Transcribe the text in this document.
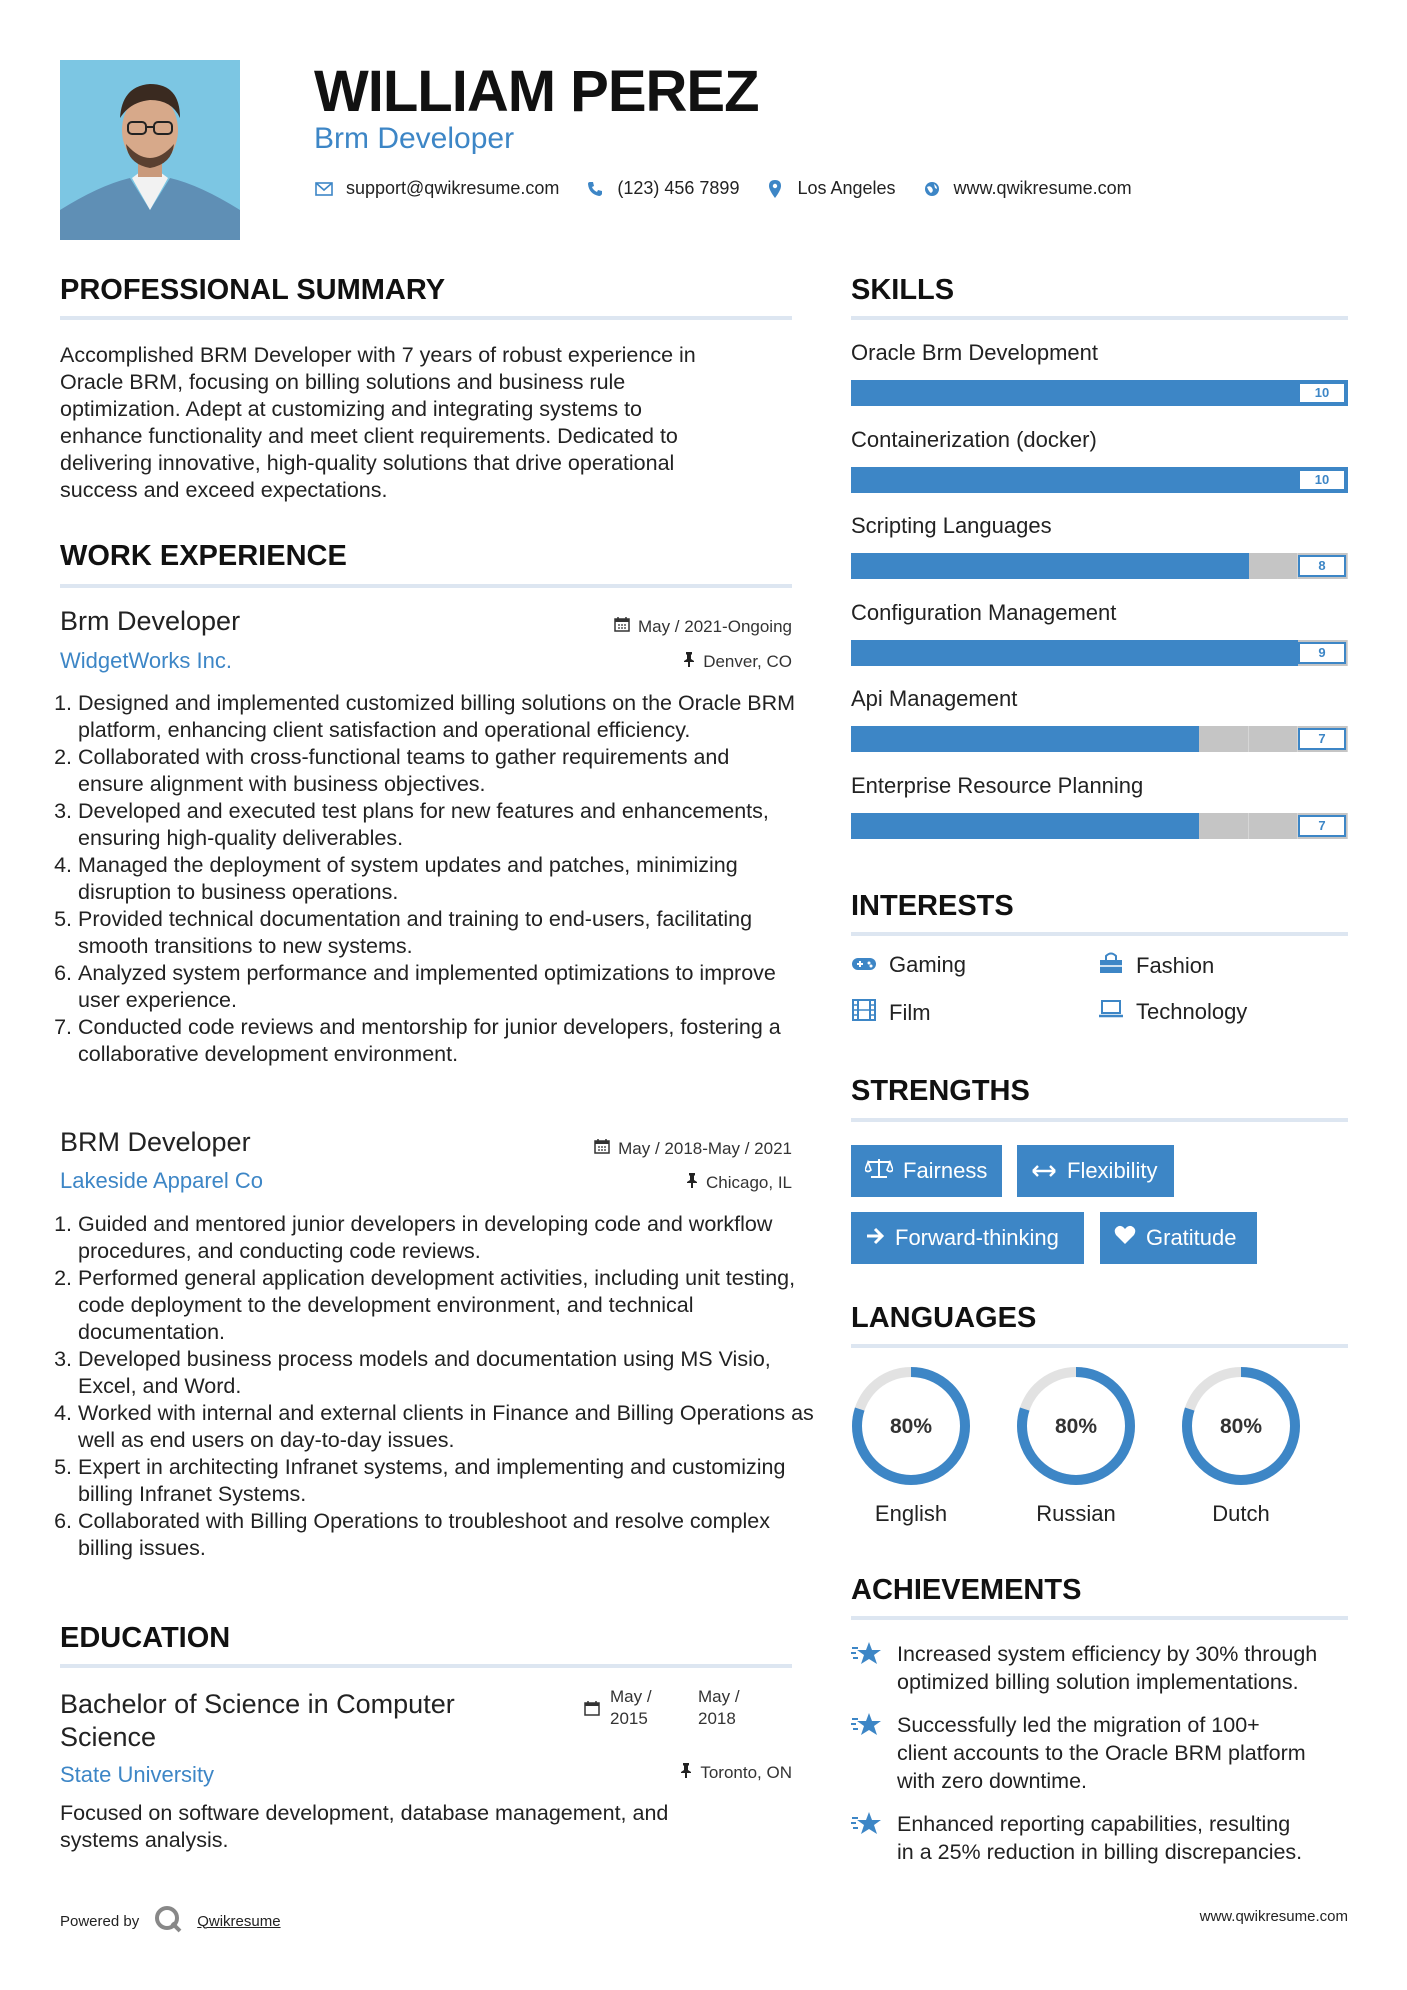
WILLIAM PEREZ
Brm Developer
support@qwikresume.com	(123) 456 7899	Los Angeles	www.qwikresume.com
PROFESSIONAL SUMMARY
Accomplished BRM Developer with 7 years of robust experience in
Oracle BRM, focusing on billing solutions and business rule
optimization. Adept at customizing and integrating systems to
enhance functionality and meet client requirements. Dedicated to
delivering innovative, high-quality solutions that drive operational
success and exceed expectations.
WORK EXPERIENCE
Brm Developer	May / 2021-Ongoing
WidgetWorks Inc.	Denver, CO
1. Designed and implemented customized billing solutions on the Oracle BRM platform, enhancing client satisfaction and operational efficiency.
2. Collaborated with cross-functional teams to gather requirements and ensure alignment with business objectives.
3. Developed and executed test plans for new features and enhancements, ensuring high-quality deliverables.
4. Managed the deployment of system updates and patches, minimizing disruption to business operations.
5. Provided technical documentation and training to end-users, facilitating smooth transitions to new systems.
6. Analyzed system performance and implemented optimizations to improve user experience.
7. Conducted code reviews and mentorship for junior developers, fostering a collaborative development environment.
BRM Developer	May / 2018-May / 2021
Lakeside Apparel Co	Chicago, IL
1. Guided and mentored junior developers in developing code and workflow procedures, and conducting code reviews.
2. Performed general application development activities, including unit testing, code deployment to the development environment, and technical documentation.
3. Developed business process models and documentation using MS Visio, Excel, and Word.
4. Worked with internal and external clients in Finance and Billing Operations as well as end users on day-to-day issues.
5. Expert in architecting Infranet systems, and implementing and customizing billing Infranet Systems.
6. Collaborated with Billing Operations to troubleshoot and resolve complex billing issues.
EDUCATION
Bachelor of Science in Computer
Science
May /
2015
May /
2018
State University	Toronto, ON
Focused on software development, database management, and
systems analysis.
SKILLS
Oracle Brm Development
10
Containerization (docker)
10
Scripting Languages
8
Configuration Management
9
Api Management
7
Enterprise Resource Planning
7
INTERESTS
Gaming	Fashion
Film	Technology
STRENGTHS
Fairness	Flexibility
Forward-thinking	Gratitude
LANGUAGES
80%
English
80%
Russian
80%
Dutch
ACHIEVEMENTS
Increased system efficiency by 30% through
optimized billing solution implementations.
Successfully led the migration of 100+
client accounts to the Oracle BRM platform
with zero downtime.
Enhanced reporting capabilities, resulting
in a 25% reduction in billing discrepancies.
Powered by	Qwikresume	www.qwikresume.com
